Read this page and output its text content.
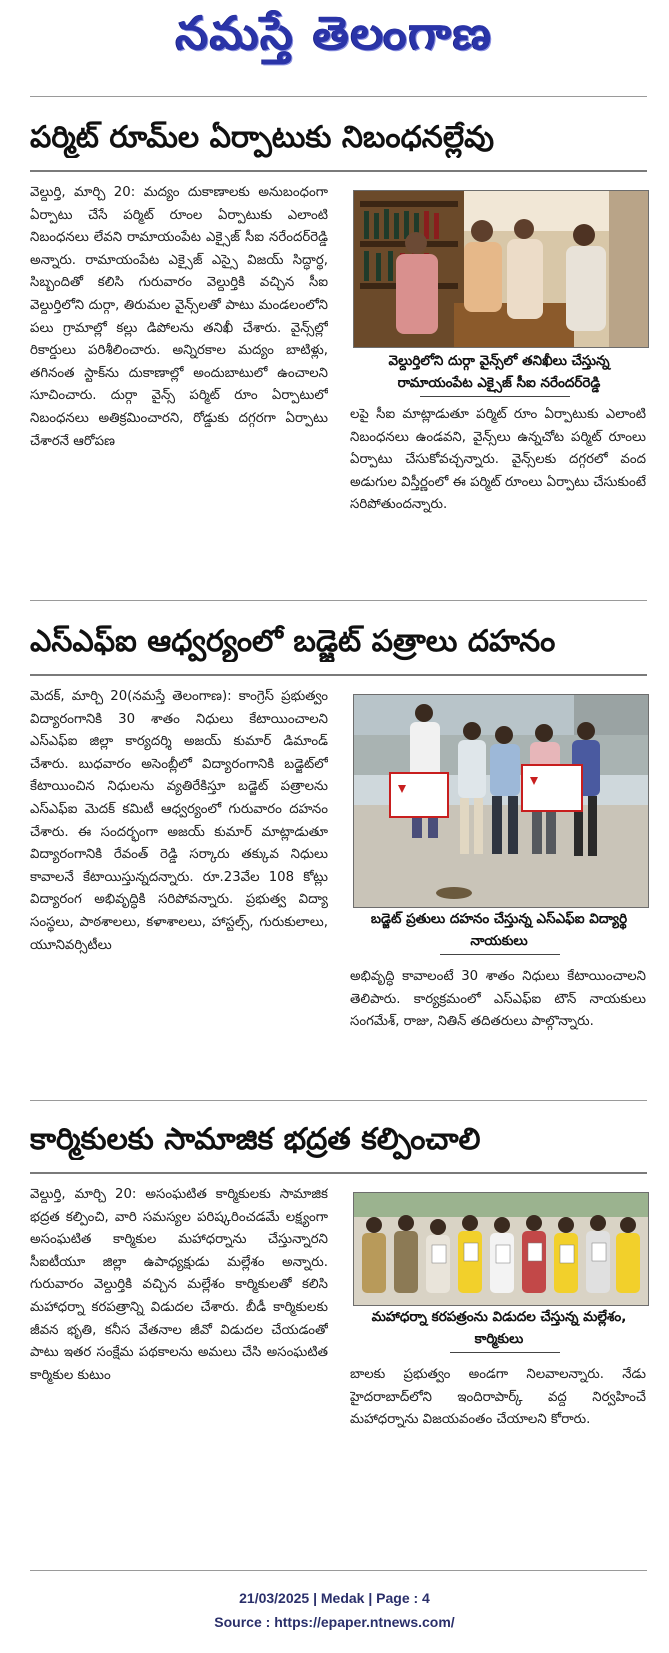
నమస్తే తెలంగాణ
పర్మిట్ రూమ్‌ల ఏర్పాటుకు నిబంధనల్లేవు

వెల్దుర్తి, మార్చి 20: మద్యం దుకాణాలకు అనుబంధంగా ఏర్పాటు చేసే పర్మిట్ రూంల ఏర్పాటుకు ఎలాంటి నిబంధనలు లేవని రామాయంపేట ఎక్సైజ్ సీఐ నరేందర్‌రెడ్డి అన్నారు. రామాయంపేట ఎక్సైజ్ ఎస్సై విజయ్ సిద్ధార్థ, సిబ్బందితో కలిసి గురువారం వెల్దుర్తికి వచ్చిన సీఐ వెల్దుర్తిలోని దుర్గా, తిరుమల వైన్స్‌లతో పాటు మండలంలోని పలు గ్రామాల్లో కల్లు డిపోలను తనిఖీ చేశారు. వైన్స్‌ల్లో రికార్డులు పరిశీలించారు. అన్నిరకాల మద్యం బాటిళ్లు, తగినంత స్టాక్‌ను దుకాణాల్లో అందుబాటులో ఉంచాలని సూచించారు. దుర్గా వైన్స్ పర్మిట్ రూం ఏర్పాటులో నిబంధనలు అతిక్రమించారని, రోడ్డుకు దగ్గరగా ఏర్పాటు చేశారనే ఆరోపణ

వెల్దుర్తిలోని దుర్గా వైన్స్‌లో తనిఖీలు చేస్తున్న రామాయంపేట ఎక్సైజ్ సీఐ నరేందర్‌రెడ్డి

లపై సీఐ మాట్లాడుతూ పర్మిట్ రూం ఏర్పాటుకు ఎలాంటి నిబంధనలు ఉండవని, వైన్స్‌లు ఉన్నచోట పర్మిట్ రూంలు ఏర్పాటు చేసుకోవచ్చన్నారు. వైన్స్‌లకు దగ్గరలో వంద అడుగుల విస్తీర్ణంలో ఈ పర్మిట్ రూంలు ఏర్పాటు చేసుకుంటే సరిపోతుందన్నారు.

ఎస్‌ఎఫ్‌ఐ ఆధ్వర్యంలో బడ్జెట్ పత్రాలు దహనం

మెదక్, మార్చి 20(నమస్తే తెలంగాణ): కాంగ్రెస్ ప్రభుత్వం విద్యారంగానికి 30 శాతం నిధులు కేటాయించాలని ఎస్‌ఎఫ్‌ఐ జిల్లా కార్యదర్శి అజయ్ కుమార్ డిమాండ్ చేశారు. బుధవారం అసెంబ్లీలో విద్యారంగానికి బడ్జెట్‌లో కేటాయించిన నిధులను వ్యతిరేకిస్తూ బడ్జెట్ పత్రాలను ఎస్‌ఎఫ్‌ఐ మెదక్ కమిటీ ఆధ్వర్యంలో గురువారం దహనం చేశారు. ఈ సందర్భంగా అజయ్ కుమార్ మాట్లాడుతూ విద్యారంగానికి రేవంత్ రెడ్డి సర్కారు తక్కువ నిధులు కావాలనే కేటాయిస్తున్నదన్నారు. రూ.23వేల 108 కోట్లు విద్యారంగ అభివృద్ధికి సరిపోవన్నారు. ప్రభుత్వ విద్యా సంస్థలు, పాఠశాలలు, కళాశాలలు, హాస్టల్స్, గురుకులాలు, యూనివర్సిటీలు

బడ్జెట్ ప్రతులు దహనం చేస్తున్న ఎస్‌ఎఫ్‌ఐ విద్యార్థి నాయకులు

అభివృద్ధి కావాలంటే 30 శాతం నిధులు కేటాయించాలని తెలిపారు. కార్యక్రమంలో ఎస్‌ఎఫ్‌ఐ టౌన్ నాయకులు సంగమేశ్, రాజు, నితిన్ తదితరులు పాల్గొన్నారు.

కార్మికులకు సామాజిక భద్రత కల్పించాలి

వెల్దుర్తి, మార్చి 20: అసంఘటిత కార్మికులకు సామాజిక భద్రత కల్పించి, వారి సమస్యల పరిష్కరించడమే లక్ష్యంగా అసంఘటిత కార్మికుల మహాధర్నాను చేస్తున్నారని సీఐటీయూ జిల్లా ఉపాధ్యక్షుడు మల్లేశం అన్నారు. గురువారం వెల్దుర్తికి వచ్చిన మల్లేశం కార్మికులతో కలిసి మహాధర్నా కరపత్రాన్ని విడుదల చేశారు. బీడీ కార్మికులకు జీవన భృతి, కనీస వేతనాల జీవో విడుదల చేయడంతో పాటు ఇతర సంక్షేమ పథకాలను అమలు చేసి అసంఘటిత కార్మికుల కుటుం

మహాధర్నా కరపత్రంను విడుదల చేస్తున్న మల్లేశం, కార్మికులు

బాలకు ప్రభుత్వం అండగా నిలవాలన్నారు. నేడు హైదరాబాద్‌లోని ఇందిరాపార్క్ వద్ద నిర్వహించే మహాధర్నాను విజయవంతం చేయాలని కోరారు.

21/03/2025 | Medak | Page : 4
Source : https://epaper.ntnews.com/
